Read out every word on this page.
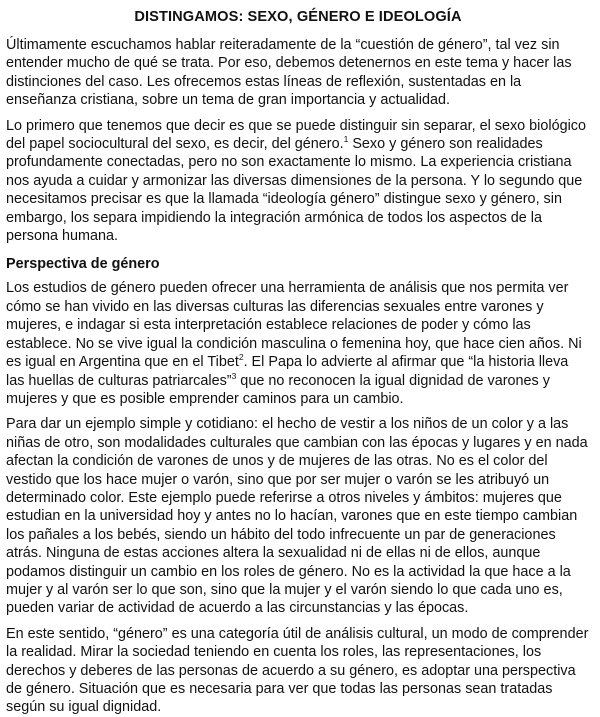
DISTINGAMOS: SEXO, GÉNERO E IDEOLOGÍA

Últimamente escuchamos hablar reiteradamente de la “cuestión de género”, tal vez sin entender mucho de qué se trata. Por eso, debemos detenernos en este tema y hacer las distinciones del caso. Les ofrecemos estas líneas de reflexión, sustentadas en la enseñanza cristiana, sobre un tema de gran importancia y actualidad.

Lo primero que tenemos que decir es que se puede distinguir sin separar, el sexo biológico del papel sociocultural del sexo, es decir, del género.$^1$ Sexo y género son realidades profundamente conectadas, pero no son exactamente lo mismo. La experiencia cristiana nos ayuda a cuidar y armonizar las diversas dimensiones de la persona. Y lo segundo que necesitamos precisar es que la llamada “ideología género” distingue sexo y género, sin embargo, los separa impidiendo la integración armónica de todos los aspectos de la persona humana.

Perspectiva de género

Los estudios de género pueden ofrecer una herramienta de análisis que nos permita ver cómo se han vivido en las diversas culturas las diferencias sexuales entre varones y mujeres, e indagar si esta interpretación establece relaciones de poder y cómo las establece. No se vive igual la condición masculina o femenina hoy, que hace cien años. Ni es igual en Argentina que en el Tibet$^2$. El Papa lo advierte al afirmar que “la historia lleva las huellas de culturas patriarcales”$^3$ que no reconocen la igual dignidad de varones y mujeres y que es posible emprender caminos para un cambio.

Para dar un ejemplo simple y cotidiano: el hecho de vestir a los niños de un color y a las niñas de otro, son modalidades culturales que cambian con las épocas y lugares y en nada afectan la condición de varones de unos y de mujeres de las otras. No es el color del vestido que los hace mujer o varón, sino que por ser mujer o varón se les atribuyó un determinado color. Este ejemplo puede referirse a otros niveles y ámbitos: mujeres que estudian en la universidad hoy y antes no lo hacían, varones que en este tiempo cambian los pañales a los bebés, siendo un hábito del todo infrecuente un par de generaciones atrás. Ninguna de estas acciones altera la sexualidad ni de ellas ni de ellos, aunque podamos distinguir un cambio en los roles de género. No es la actividad la que hace a la mujer y al varón ser lo que son, sino que la mujer y el varón siendo lo que cada uno es, pueden variar de actividad de acuerdo a las circunstancias y las épocas.

En este sentido, “género” es una categoría útil de análisis cultural, un modo de comprender la realidad. Mirar la sociedad teniendo en cuenta los roles, las representaciones, los derechos y deberes de las personas de acuerdo a su género, es adoptar una perspectiva de género. Situación que es necesaria para ver que todas las personas sean tratadas según su igual dignidad.
